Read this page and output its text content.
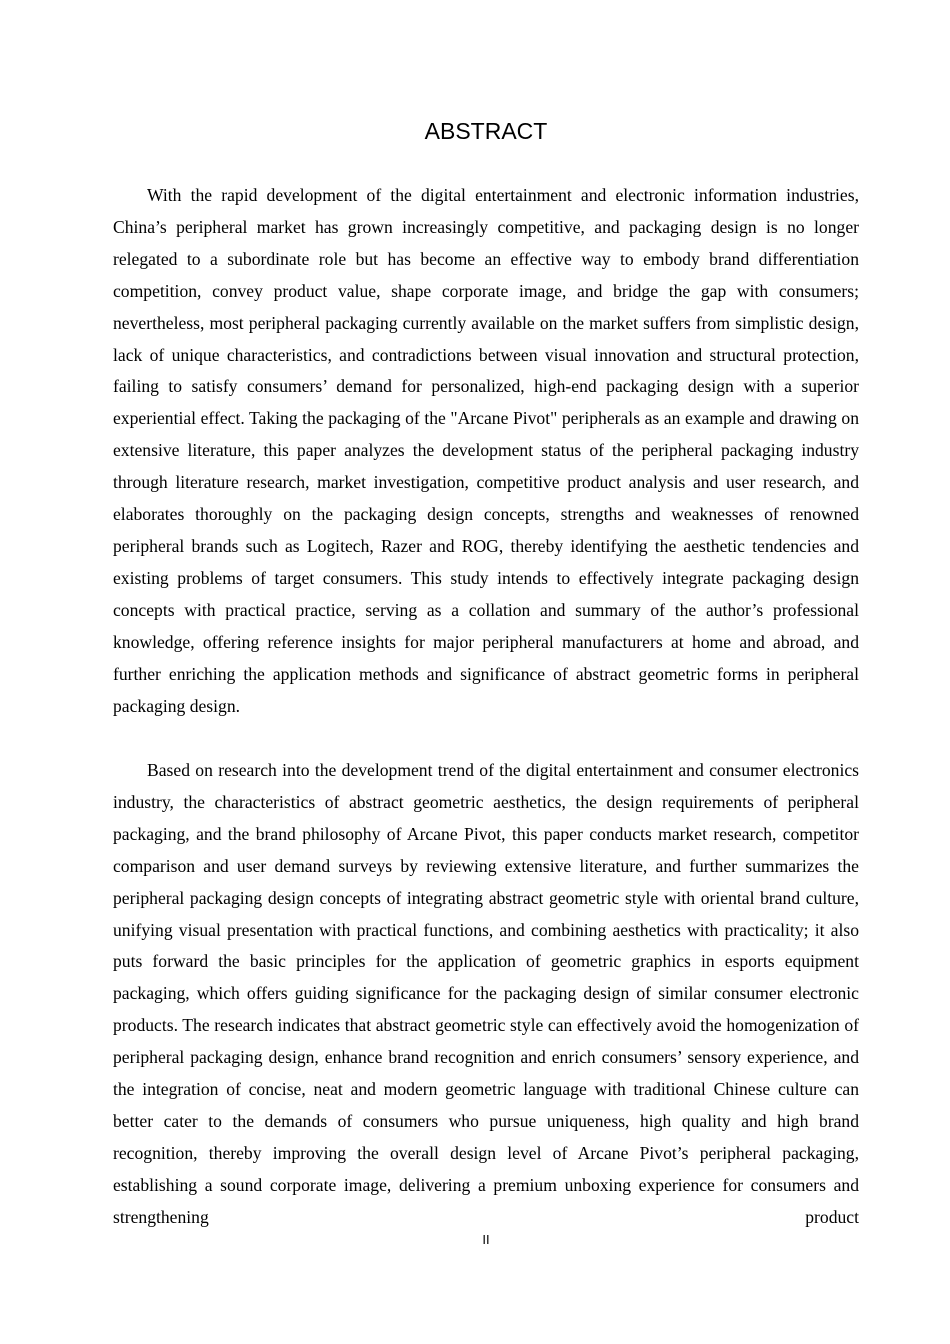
ABSTRACT

With the rapid development of the digital entertainment and electronic information industries, China’s peripheral market has grown increasingly competitive, and packaging design is no longer relegated to a subordinate role but has become an effective way to embody brand differentiation competition, convey product value, shape corporate image, and bridge the gap with consumers; nevertheless, most peripheral packaging currently available on the market suffers from simplistic design, lack of unique characteristics, and contradictions between visual innovation and structural protection, failing to satisfy consumers’ demand for personalized, high-end packaging design with a superior experiential effect. Taking the packaging of the "Arcane Pivot" peripherals as an example and drawing on extensive literature, this paper analyzes the development status of the peripheral packaging industry through literature research, market investigation, competitive product analysis and user research, and elaborates thoroughly on the packaging design concepts, strengths and weaknesses of renowned peripheral brands such as Logitech, Razer and ROG, thereby identifying the aesthetic tendencies and existing problems of target consumers. This study intends to effectively integrate packaging design concepts with practical practice, serving as a collation and summary of the author’s professional knowledge, offering reference insights for major peripheral manufacturers at home and abroad, and further enriching the application methods and significance of abstract geometric forms in peripheral packaging design.

Based on research into the development trend of the digital entertainment and consumer electronics industry, the characteristics of abstract geometric aesthetics, the design requirements of peripheral packaging, and the brand philosophy of Arcane Pivot, this paper conducts market research, competitor comparison and user demand surveys by reviewing extensive literature, and further summarizes the peripheral packaging design concepts of integrating abstract geometric style with oriental brand culture, unifying visual presentation with practical functions, and combining aesthetics with practicality; it also puts forward the basic principles for the application of geometric graphics in esports equipment packaging, which offers guiding significance for the packaging design of similar consumer electronic products. The research indicates that abstract geometric style can effectively avoid the homogenization of peripheral packaging design, enhance brand recognition and enrich consumers’ sensory experience, and the integration of concise, neat and modern geometric language with traditional Chinese culture can better cater to the demands of consumers who pursue uniqueness, high quality and high brand recognition, thereby improving the overall design level of Arcane Pivot’s peripheral packaging, establishing a sound corporate image, delivering a premium unboxing experience for consumers and strengthening product

II
